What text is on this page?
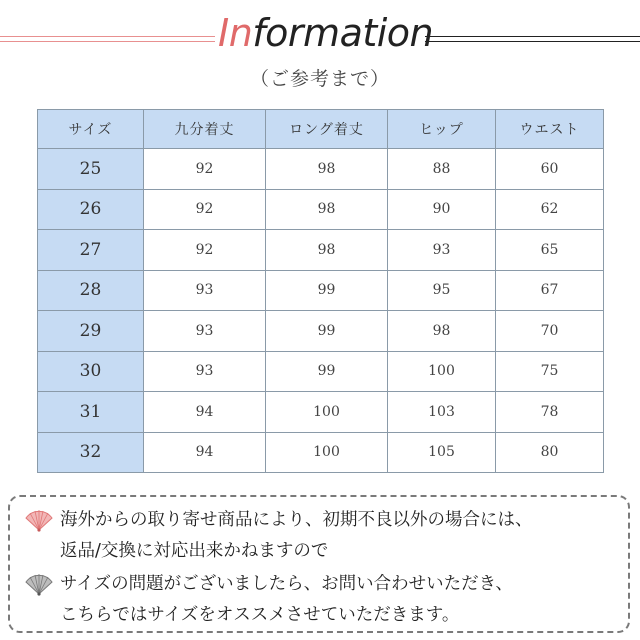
Information
（ご参考まで）
サイズ	九分着丈	ロング着丈	ヒップ	ウエスト
25	92	98	88	60
26	92	98	90	62
27	92	98	93	65
28	93	99	95	67
29	93	99	98	70
30	93	99	100	75
31	94	100	103	78
32	94	100	105	80
海外からの取り寄せ商品により、初期不良以外の場合には、
返品/交換に対応出来かねますので
サイズの問題がございましたら、お問い合わせいただき、
こちらではサイズをオススメさせていただきます。
